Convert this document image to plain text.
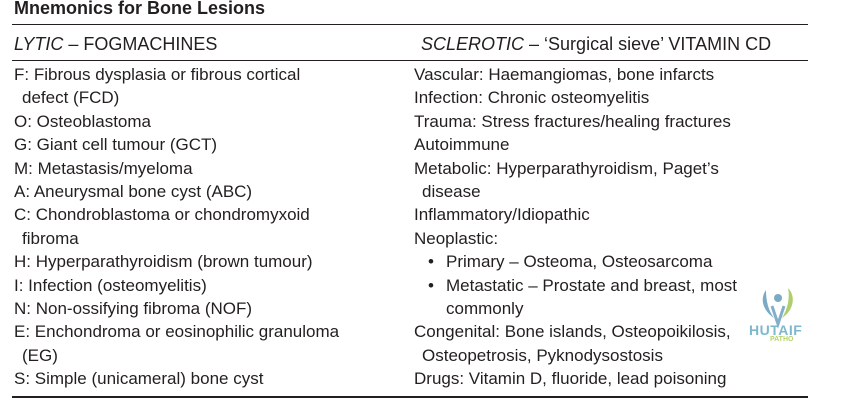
Mnemonics for Bone Lesions
LYTIC – FOGMACHINES	SCLEROTIC – ‘Surgical sieve’ VITAMIN CD
F: Fibrous dysplasia or fibrous cortical
defect (FCD)
O: Osteoblastoma
G: Giant cell tumour (GCT)
M: Metastasis/myeloma
A: Aneurysmal bone cyst (ABC)
C: Chondroblastoma or chondromyxoid
fibroma
H: Hyperparathyroidism (brown tumour)
I: Infection (osteomyelitis)
N: Non-ossifying fibroma (NOF)
E: Enchondroma or eosinophilic granuloma
(EG)
S: Simple (unicameral) bone cyst
Vascular: Haemangiomas, bone infarcts
Infection: Chronic osteomyelitis
Trauma: Stress fractures/healing fractures
Autoimmune
Metabolic: Hyperparathyroidism, Paget’s
disease
Inflammatory/Idiopathic
Neoplastic:
• Primary – Osteoma, Osteosarcoma
• Metastatic – Prostate and breast, most
commonly
Congenital: Bone islands, Osteopoikilosis,
Osteopetrosis, Pyknodysostosis
Drugs: Vitamin D, fluoride, lead poisoning
HUTAIF
PATHO
